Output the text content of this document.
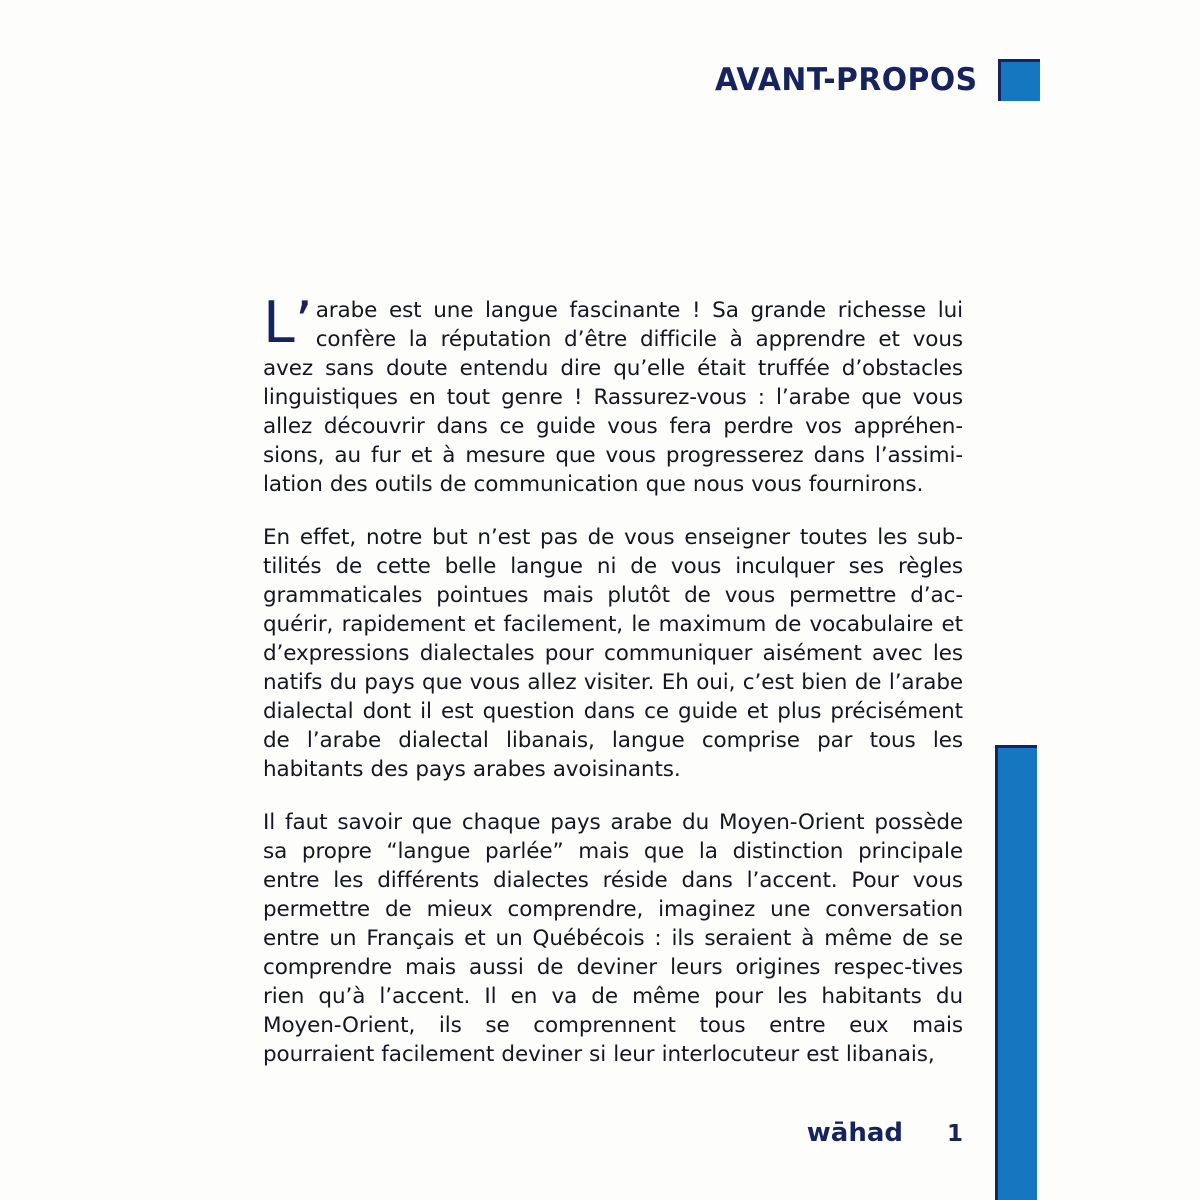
AVANT-PROPOS

L’arabe est une langue fascinante ! Sa grande richesse lui confère la réputation d’être difficile à apprendre et vous avez sans doute entendu dire qu’elle était truffée d’obstacles linguistiques en tout genre ! Rassurez-vous : l’arabe que vous allez découvrir dans ce guide vous fera perdre vos appréhen-sions, au fur et à mesure que vous progresserez dans l’assimi-lation des outils de communication que nous vous fournirons.

En effet, notre but n’est pas de vous enseigner toutes les sub-tilités de cette belle langue ni de vous inculquer ses règles grammaticales pointues mais plutôt de vous permettre d’ac-quérir, rapidement et facilement, le maximum de vocabulaire et d’expressions dialectales pour communiquer aisément avec les natifs du pays que vous allez visiter. Eh oui, c’est bien de l’arabe dialectal dont il est question dans ce guide et plus précisément de l’arabe dialectal libanais, langue comprise par tous les habitants des pays arabes avoisinants.

Il faut savoir que chaque pays arabe du Moyen-Orient possède sa propre “langue parlée” mais que la distinction principale entre les différents dialectes réside dans l’accent. Pour vous permettre de mieux comprendre, imaginez une conversation entre un Français et un Québécois : ils seraient à même de se comprendre mais aussi de deviner leurs origines respec-tives rien qu’à l’accent. Il en va de même pour les habitants du Moyen-Orient, ils se comprennent tous entre eux mais pourraient facilement deviner si leur interlocuteur est libanais,

wāhad 1
